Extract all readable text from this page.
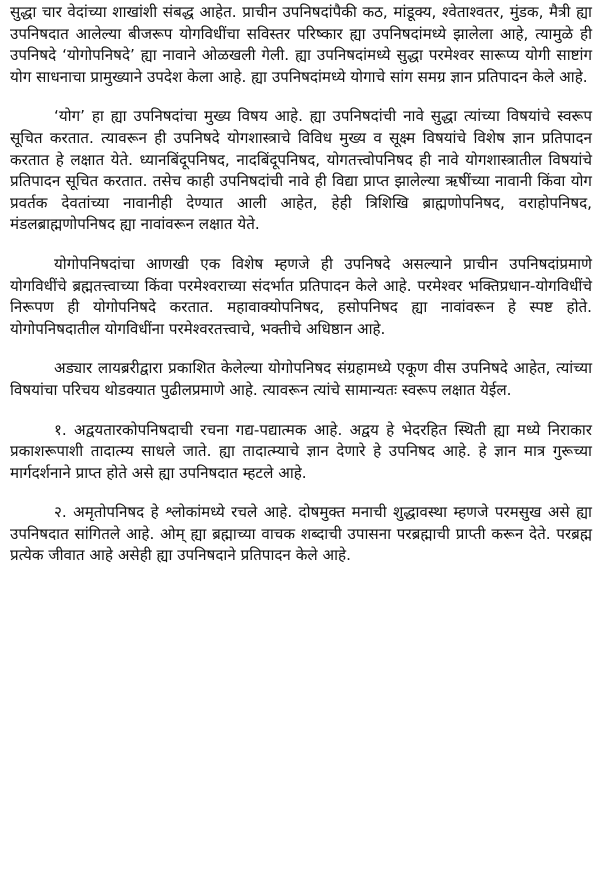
सुद्धा चार वेदांच्या शाखांशी संबद्ध आहेत. प्राचीन उपनिषदांपैकी कठ, मांडूक्य, श्वेताश्वतर, मुंडक, मैत्री ह्या उपनिषदात आलेल्या बीजरूप योगविधींचा सविस्तर परिष्कार ह्या उपनिषदांमध्ये झालेला आहे, त्यामुळे ही उपनिषदे ‘योगोपनिषदे’ ह्या नावाने ओळखली गेली. ह्या उपनिषदांमध्ये सुद्धा परमेश्वर सारूप्य योगी साष्टांग योग साधनाचा प्रामुख्याने उपदेश केला आहे. ह्या उपनिषदांमध्ये योगाचे सांग समग्र ज्ञान प्रतिपादन केले आहे.

‘योग’ हा ह्या उपनिषदांचा मुख्य विषय आहे. ह्या उपनिषदांची नावे सुद्धा त्यांच्या विषयांचे स्वरूप सूचित करतात. त्यावरून ही उपनिषदे योगशास्त्राचे विविध मुख्य व सूक्ष्म विषयांचे विशेष ज्ञान प्रतिपादन करतात हे लक्षात येते. ध्यानबिंदूपनिषद, नादबिंदूपनिषद, योगतत्त्वोपनिषद ही नावे योगशास्त्रातील विषयांचे प्रतिपादन सूचित करतात. तसेच काही उपनिषदांची नावे ही विद्या प्राप्त झालेल्या ऋषींच्या नावानी किंवा योग प्रवर्तक देवतांच्या नावानीही देण्यात आली आहेत, हेही त्रिशिखि ब्राह्मणोपनिषद, वराहोपनिषद, मंडलब्राह्मणोपनिषद ह्या नावांवरून लक्षात येते.

योगोपनिषदांचा आणखी एक विशेष म्हणजे ही उपनिषदे असल्याने प्राचीन उपनिषदांप्रमाणे योगविधींचे ब्रह्मतत्त्वाच्या किंवा परमेश्वराच्या संदर्भात प्रतिपादन केले आहे. परमेश्वर भक्तिप्रधान-योगविधींचे निरूपण ही योगोपनिषदे करतात. महावाक्योपनिषद, हसोपनिषद ह्या नावांवरून हे स्पष्ट होते. योगोपनिषदातील योगविधींना परमेश्वरतत्त्वाचे, भक्तीचे अधिष्ठान आहे.

अड्यार लायब्ररीद्वारा प्रकाशित केलेल्या योगोपनिषद संग्रहामध्ये एकूण वीस उपनिषदे आहेत, त्यांच्या विषयांचा परिचय थोडक्यात पुढीलप्रमाणे आहे. त्यावरून त्यांचे सामान्यतः स्वरूप लक्षात येईल.

१. अद्वयतारकोपनिषदाची रचना गद्य-पद्यात्मक आहे. अद्वय हे भेदरहित स्थिती ह्या मध्ये निराकार प्रकाशरूपाशी तादात्म्य साधले जाते. ह्या तादात्म्याचे ज्ञान देणारे हे उपनिषद आहे. हे ज्ञान मात्र गुरूच्या मार्गदर्शनाने प्राप्त होते असे ह्या उपनिषदात म्हटले आहे.

२. अमृतोपनिषद हे श्लोकांमध्ये रचले आहे. दोषमुक्त मनाची शुद्धावस्था म्हणजे परमसुख असे ह्या उपनिषदात सांगितले आहे. ओम् ह्या ब्रह्माच्या वाचक शब्दाची उपासना परब्रह्माची प्राप्ती करून देते. परब्रह्म प्रत्येक जीवात आहे असेही ह्या उपनिषदाने प्रतिपादन केले आहे.
